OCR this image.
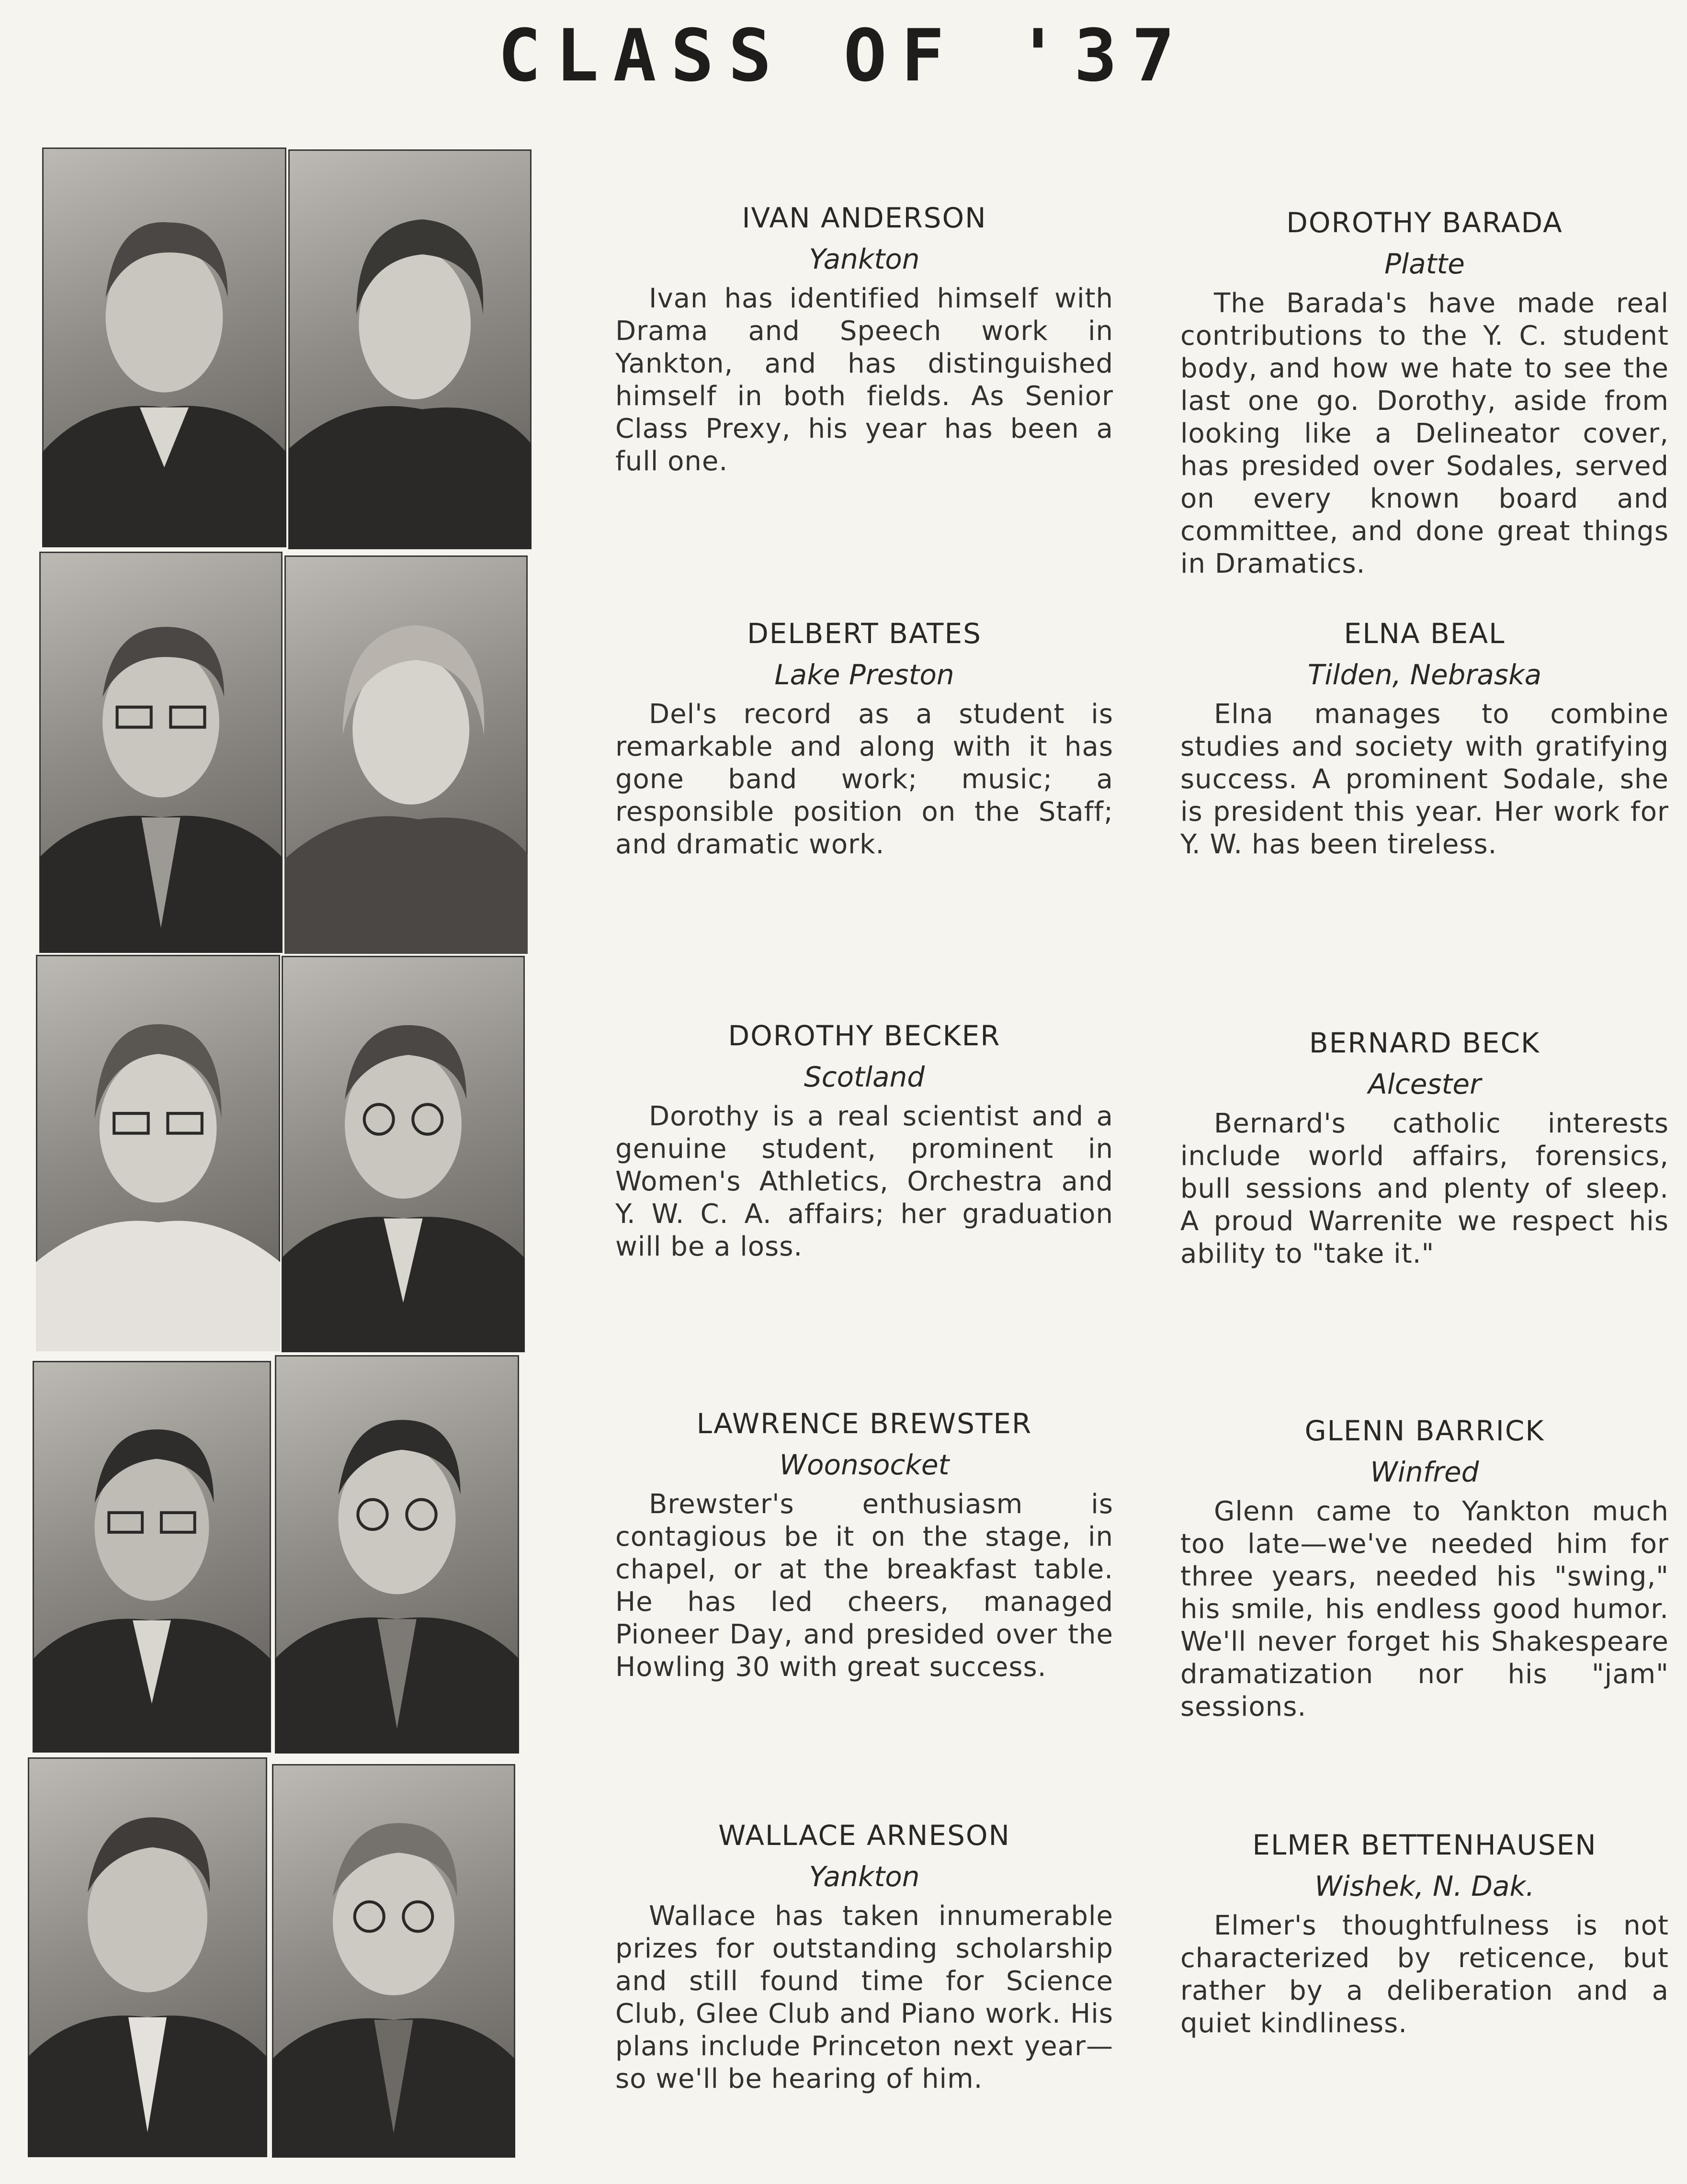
CLASS OF '37
IVAN ANDERSON
Yankton
Ivan has identified himself with Drama and Speech work in Yankton, and has distinguished himself in both fields. As Senior Class Prexy, his year has been a full one.
DOROTHY BARADA
Platte
The Barada's have made real contributions to the Y. C. student body, and how we hate to see the last one go. Dorothy, aside from looking like a Delineator cover, has presided over Sodales, served on every known board and committee, and done great things in Dramatics.
DELBERT BATES
Lake Preston
Del's record as a student is remarkable and along with it has gone band work; music; a responsible position on the Staff; and dramatic work.
ELNA BEAL
Tilden, Nebraska
Elna manages to combine studies and society with gratifying success. A prominent Sodale, she is president this year. Her work for Y. W. has been tireless.
DOROTHY BECKER
Scotland
Dorothy is a real scientist and a genuine student, prominent in Women's Athletics, Orchestra and Y. W. C. A. affairs; her graduation will be a loss.
BERNARD BECK
Alcester
Bernard's catholic interests include world affairs, forensics, bull sessions and plenty of sleep. A proud Warrenite we respect his ability to "take it."
LAWRENCE BREWSTER
Woonsocket
Brewster's enthusiasm is contagious be it on the stage, in chapel, or at the breakfast table. He has led cheers, managed Pioneer Day, and presided over the Howling 30 with great success.
GLENN BARRICK
Winfred
Glenn came to Yankton much too late—we've needed him for three years, needed his "swing," his smile, his endless good humor. We'll never forget his Shakespeare dramatization nor his "jam" sessions.
WALLACE ARNESON
Yankton
Wallace has taken innumerable prizes for outstanding scholarship and still found time for Science Club, Glee Club and Piano work. His plans include Princeton next year—so we'll be hearing of him.
ELMER BETTENHAUSEN
Wishek, N. Dak.
Elmer's thoughtfulness is not characterized by reticence, but rather by a deliberation and a quiet kindliness.
